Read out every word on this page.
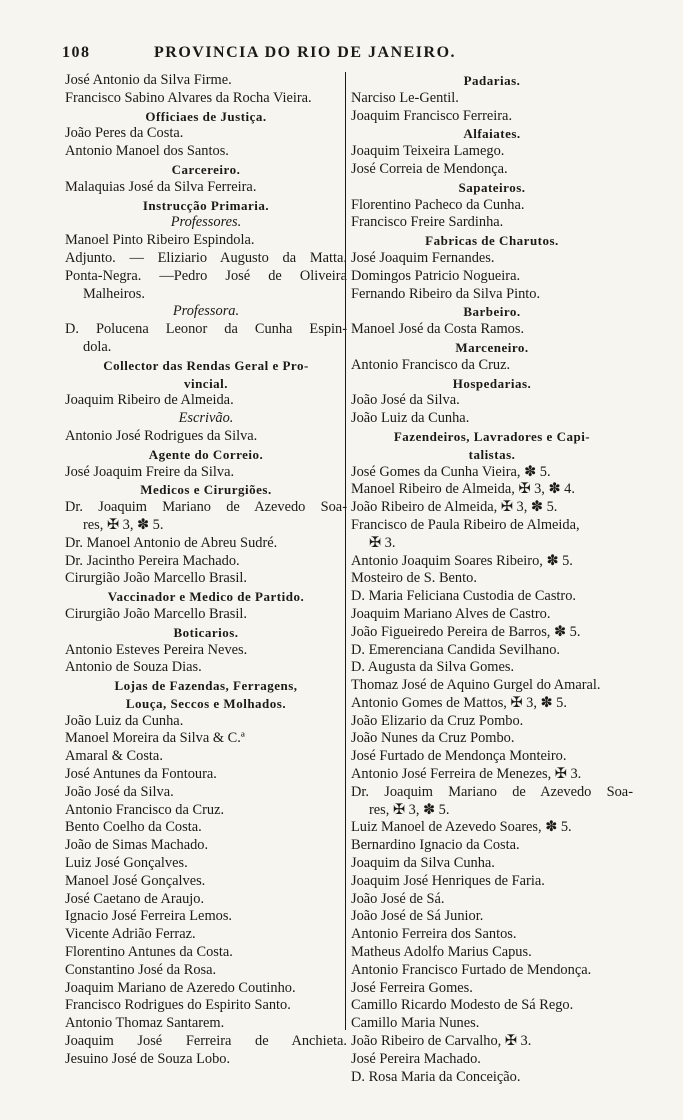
108	PROVINCIA DO RIO DE JANEIRO.
José Antonio da Silva Firme.
Francisco Sabino Alvares da Rocha Vieira.
Officiaes de Justiça.
João Peres da Costa.
Antonio Manoel dos Santos.
Carcereiro.
Malaquias José da Silva Ferreira.
Instrucção Primaria.
Professores.
Manoel Pinto Ribeiro Espindola.
Adjunto. — Eliziario Augusto da Matta.
Ponta-Negra. —Pedro José de Oliveira
Malheiros.
Professora.
D. Polucena Leonor da Cunha Espin-
dola.
Collector das Rendas Geral e Pro-
vincial.
Joaquim Ribeiro de Almeida.
Escrivão.
Antonio José Rodrigues da Silva.
Agente do Correio.
José Joaquim Freire da Silva.
Medicos e Cirurgiões.
Dr. Joaquim Mariano de Azevedo Soa-
res, ✠ 3, ✽ 5.
Dr. Manoel Antonio de Abreu Sudré.
Dr. Jacintho Pereira Machado.
Cirurgião João Marcello Brasil.
Vaccinador e Medico de Partido.
Cirurgião João Marcello Brasil.
Boticarios.
Antonio Esteves Pereira Neves.
Antonio de Souza Dias.
Lojas de Fazendas, Ferragens,
Louça, Seccos e Molhados.
João Luiz da Cunha.
Manoel Moreira da Silva & C.ª
Amaral & Costa.
José Antunes da Fontoura.
João José da Silva.
Antonio Francisco da Cruz.
Bento Coelho da Costa.
João de Simas Machado.
Luiz José Gonçalves.
Manoel José Gonçalves.
José Caetano de Araujo.
Ignacio José Ferreira Lemos.
Vicente Adrião Ferraz.
Florentino Antunes da Costa.
Constantino José da Rosa.
Joaquim Mariano de Azeredo Coutinho.
Francisco Rodrigues do Espirito Santo.
Antonio Thomaz Santarem.
Joaquim José Ferreira de Anchieta.
Jesuino José de Souza Lobo.
Padarias.
Narciso Le-Gentil.
Joaquim Francisco Ferreira.
Alfaiates.
Joaquim Teixeira Lamego.
José Correia de Mendonça.
Sapateiros.
Florentino Pacheco da Cunha.
Francisco Freire Sardinha.
Fabricas de Charutos.
José Joaquim Fernandes.
Domingos Patricio Nogueira.
Fernando Ribeiro da Silva Pinto.
Barbeiro.
Manoel José da Costa Ramos.
Marceneiro.
Antonio Francisco da Cruz.
Hospedarias.
João José da Silva.
João Luiz da Cunha.
Fazendeiros, Lavradores e Capi-
talistas.
José Gomes da Cunha Vieira, ✽ 5.
Manoel Ribeiro de Almeida, ✠ 3, ✽ 4.
João Ribeiro de Almeida, ✠ 3, ✽ 5.
Francisco de Paula Ribeiro de Almeida,
✠ 3.
Antonio Joaquim Soares Ribeiro, ✽ 5.
Mosteiro de S. Bento.
D. Maria Feliciana Custodia de Castro.
Joaquim Mariano Alves de Castro.
João Figueiredo Pereira de Barros, ✽ 5.
D. Emerenciana Candida Sevilhano.
D. Augusta da Silva Gomes.
Thomaz José de Aquino Gurgel do Amaral.
Antonio Gomes de Mattos, ✠ 3, ✽ 5.
João Elizario da Cruz Pombo.
João Nunes da Cruz Pombo.
José Furtado de Mendonça Monteiro.
Antonio José Ferreira de Menezes, ✠ 3.
Dr. Joaquim Mariano de Azevedo Soa-
res, ✠ 3, ✽ 5.
Luiz Manoel de Azevedo Soares, ✽ 5.
Bernardino Ignacio da Costa.
Joaquim da Silva Cunha.
Joaquim José Henriques de Faria.
João José de Sá.
João José de Sá Junior.
Antonio Ferreira dos Santos.
Matheus Adolfo Marius Capus.
Antonio Francisco Furtado de Mendonça.
José Ferreira Gomes.
Camillo Ricardo Modesto de Sá Rego.
Camillo Maria Nunes.
João Ribeiro de Carvalho, ✠ 3.
José Pereira Machado.
D. Rosa Maria da Conceição.
